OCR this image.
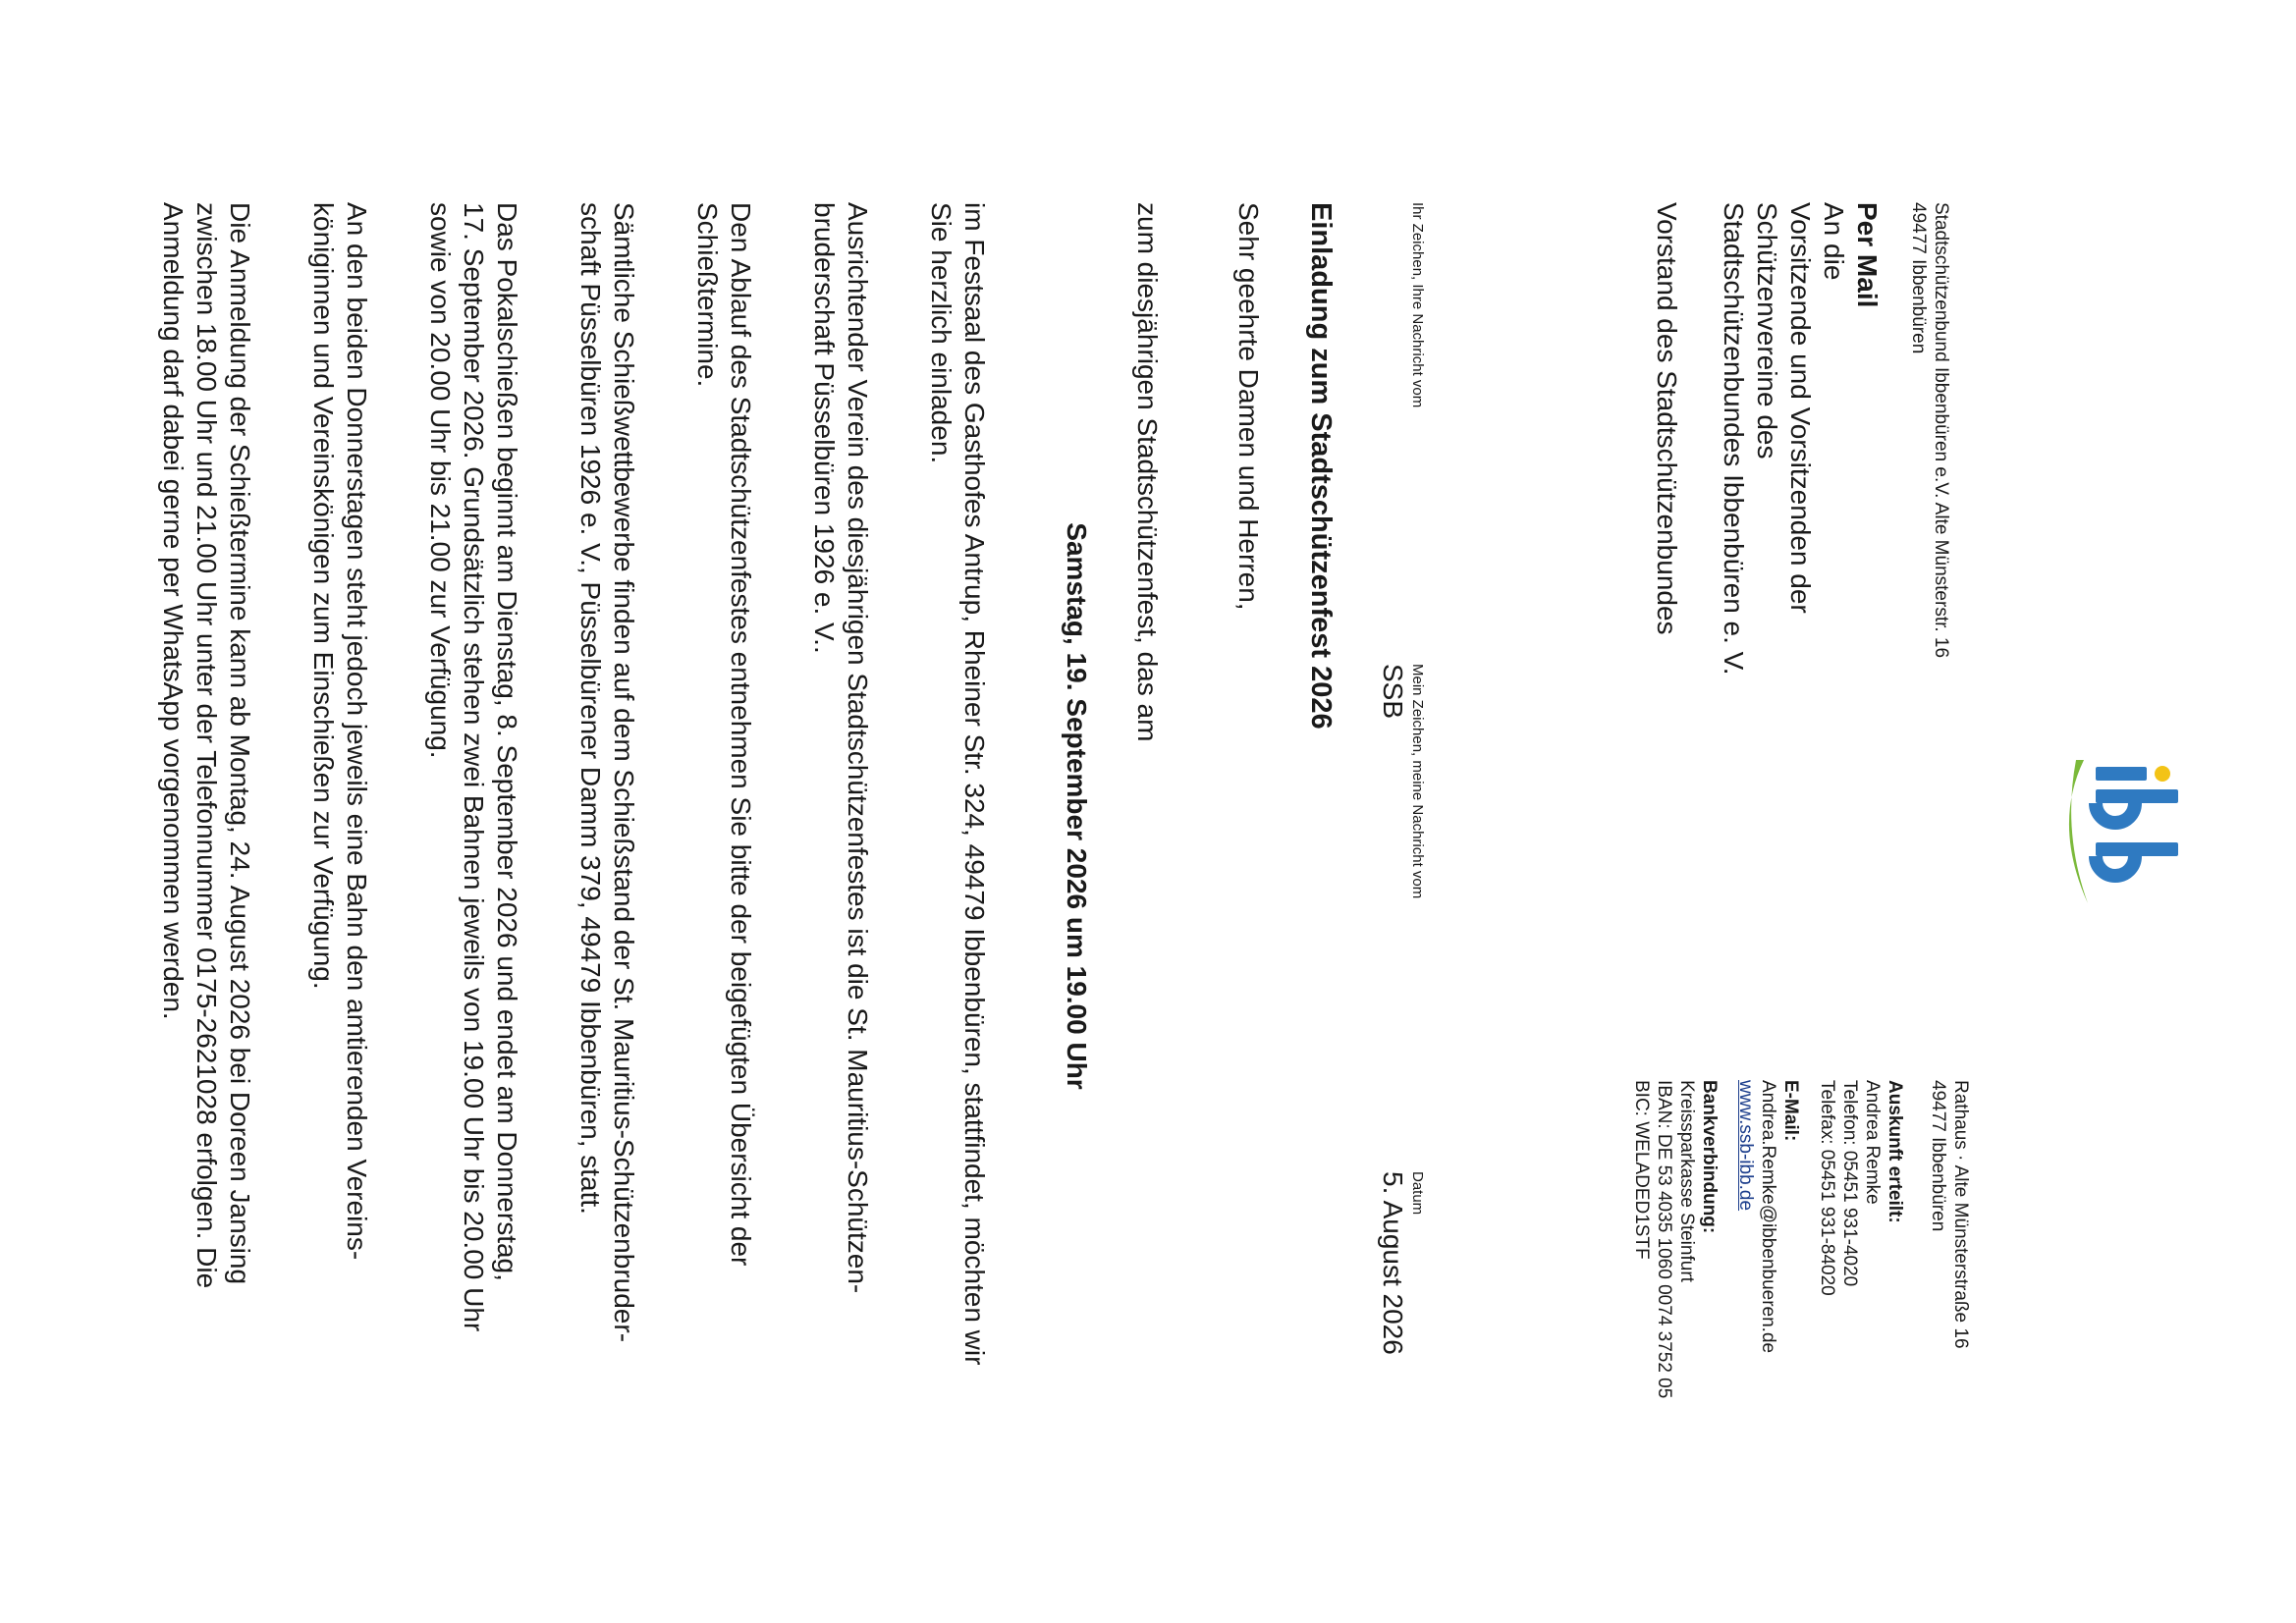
Stadtschützenbund Ibbenbüren e.V. Alte Münsterstr. 16
49477 Ibbenbüren
Per Mail
An die
Vorsitzende und Vorsitzenden der
Schützenvereine des
Stadtschützenbundes Ibbenbüren e. V.
Vorstand des Stadtschützenbundes
Rathaus · Alte Münsterstraße 16
49477 Ibbenbüren
Auskunft erteilt:
Andrea Remke
Telefon: 05451 931-4020
Telefax: 05451 931-84020
E-Mail:
Andrea.Remke@ibbenbueren.de
www.ssb-ibb.de
Bankverbindung:
Kreissparkasse Steinfurt
IBAN: DE 53 4035 1060 0074 3752 05
BIC: WELADED1STF
Ihr Zeichen, Ihre Nachricht vom
Mein Zeichen, meine Nachricht vom
SSB
Datum
5. August 2026
Einladung zum Stadtschützenfest 2026
Sehr geehrte Damen und Herren,
zum diesjährigen Stadtschützenfest, das am
Samstag, 19. September 2026 um 19.00 Uhr

im Festsaal des Gasthofes Antrup, Rheiner Str. 324, 49479 Ibbenbüren, stattfindet, möchten wir
Sie herzlich einladen.

Ausrichtender Verein des diesjährigen Stadtschützenfestes ist die St. Mauritius-Schützen-
bruderschaft Püsselbüren 1926 e. V..

Den Ablauf des Stadtschützenfestes entnehmen Sie bitte der beigefügten Übersicht der
Schießtermine.

Sämtliche Schießwettbewerbe finden auf dem Schießstand der St. Mauritius-Schützenbruder-
schaft Püsselbüren 1926 e. V., Püsselbürener Damm 379, 49479 Ibbenbüren, statt.

Das Pokalschießen beginnt am Dienstag, 8. September 2026 und endet am Donnerstag,
17. September 2026. Grundsätzlich stehen zwei Bahnen jeweils von 19.00 Uhr bis 20.00 Uhr
sowie von 20.00 Uhr bis 21.00 zur Verfügung.

An den beiden Donnerstagen steht jedoch jeweils eine Bahn den amtierenden Vereins-
königinnen und Vereinskönigen zum Einschießen zur Verfügung.

Die Anmeldung der Schießtermine kann ab Montag, 24. August 2026 bei Doreen Jansing
zwischen 18.00 Uhr und 21.00 Uhr unter der Telefonnummer 0175-2621028 erfolgen. Die
Anmeldung darf dabei gerne per WhatsApp vorgenommen werden.
